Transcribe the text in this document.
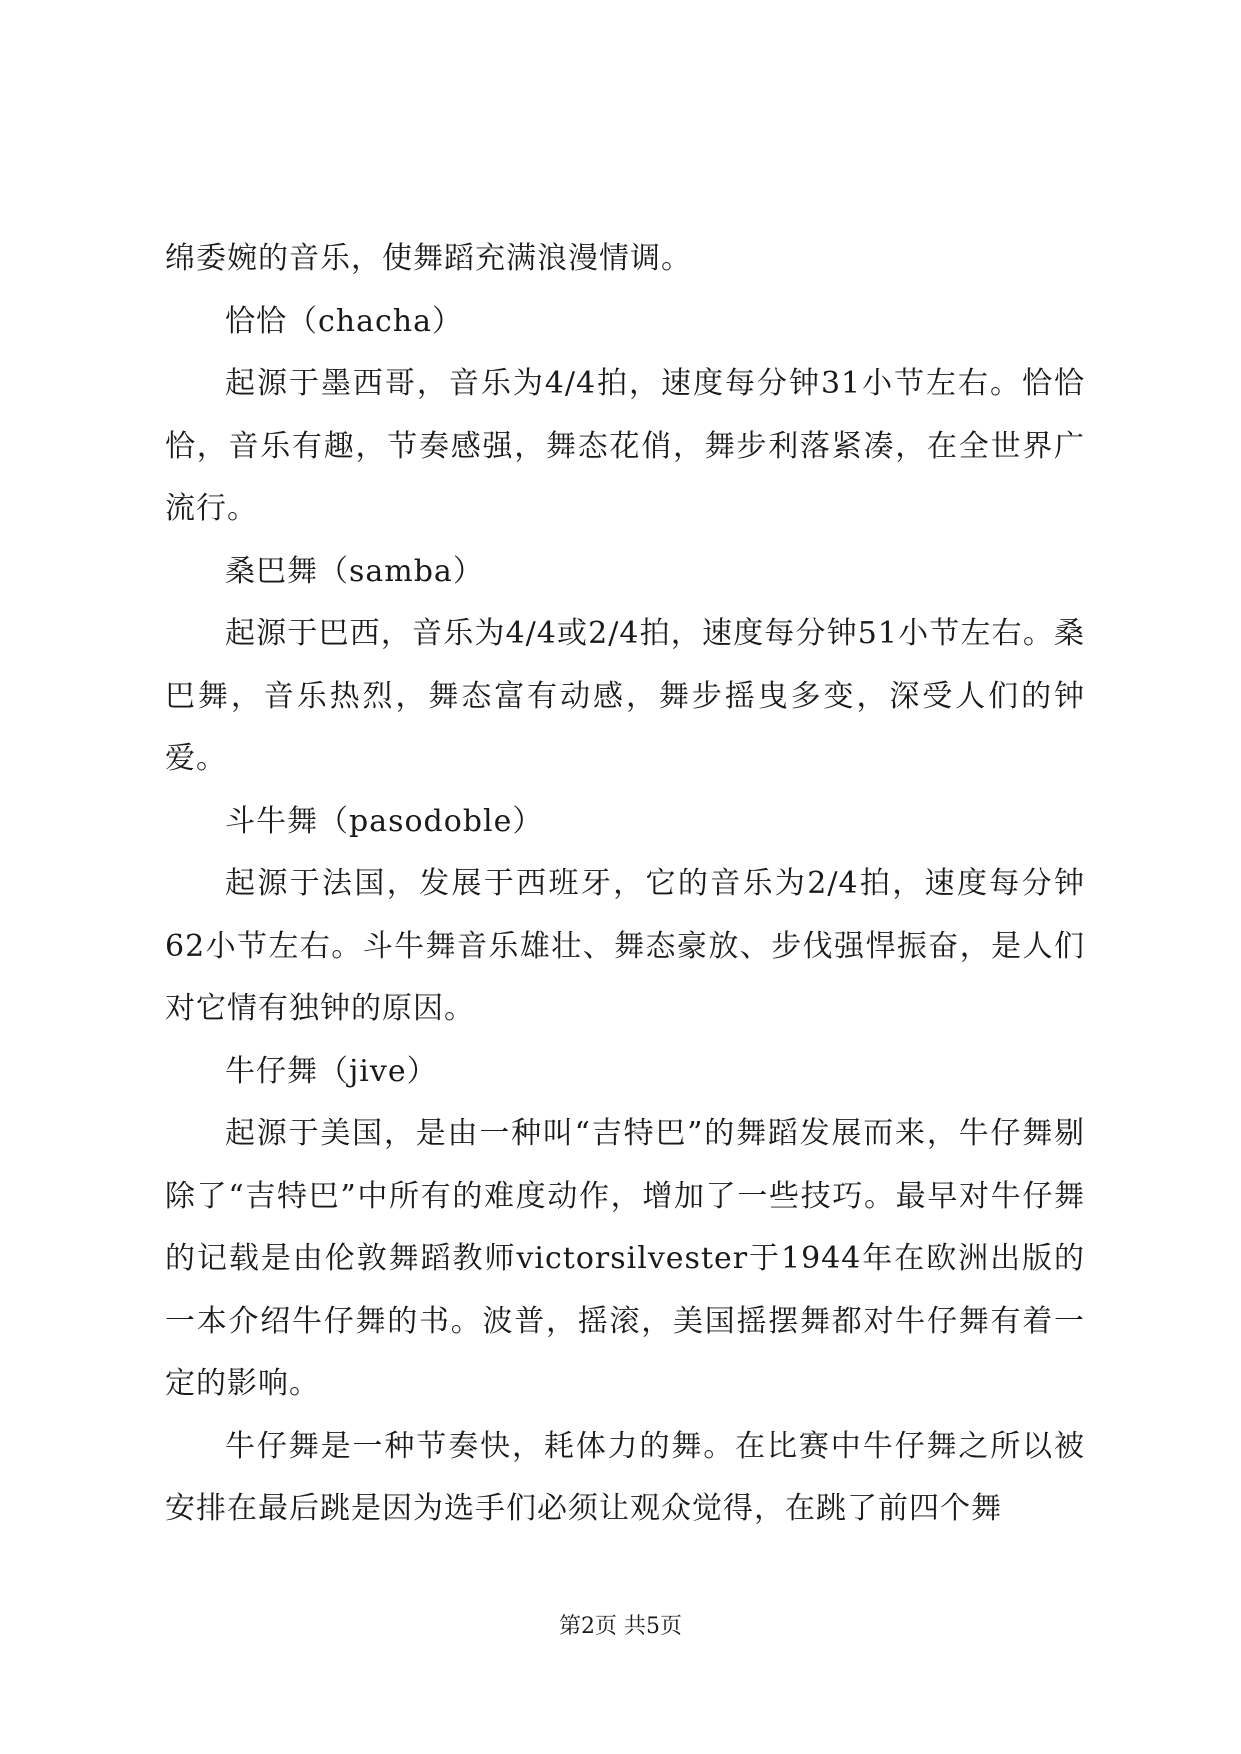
绵委婉的音乐，使舞蹈充满浪漫情调。

恰恰（chacha）

起源于墨西哥，音乐为4/4拍，速度每分钟31小节左右。恰恰恰，音乐有趣，节奏感强，舞态花俏，舞步利落紧凑，在全世界广流行。

桑巴舞（samba）

起源于巴西，音乐为4/4或2/4拍，速度每分钟51小节左右。桑巴舞，音乐热烈，舞态富有动感，舞步摇曳多变，深受人们的钟爱。

斗牛舞（pasodoble）

起源于法国，发展于西班牙，它的音乐为2/4拍，速度每分钟62小节左右。斗牛舞音乐雄壮、舞态豪放、步伐强悍振奋，是人们对它情有独钟的原因。

牛仔舞（jive）

起源于美国，是由一种叫“吉特巴”的舞蹈发展而来，牛仔舞剔除了“吉特巴”中所有的难度动作，增加了一些技巧。最早对牛仔舞的记载是由伦敦舞蹈教师victorsilvester于1944年在欧洲出版的一本介绍牛仔舞的书。波普，摇滚，美国摇摆舞都对牛仔舞有着一定的影响。

牛仔舞是一种节奏快，耗体力的舞。在比赛中牛仔舞之所以被安排在最后跳是因为选手们必须让观众觉得，在跳了前四个舞

第2页 共5页
